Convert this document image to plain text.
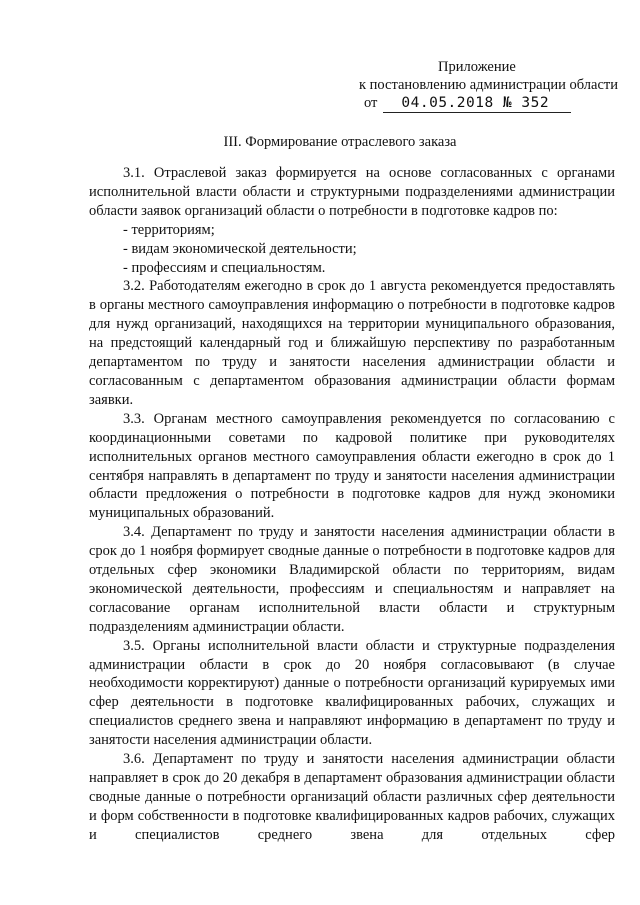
Приложение
к постановлению администрации области
от 04.05.2018 № 352
III. Формирование отраслевого заказа

3.1. Отраслевой заказ формируется на основе согласованных с органами исполнительной власти области и структурными подразделениями администрации области заявок организаций области о потребности в подготовке кадров по:

- территориям;

- видам экономической деятельности;

- профессиям и специальностям.

3.2. Работодателям ежегодно в срок до 1 августа рекомендуется предоставлять в органы местного самоуправления информацию о потребности в подготовке кадров для нужд организаций, находящихся на территории муниципального образования, на предстоящий календарный год и ближайшую перспективу по разработанным департаментом по труду и занятости населения администрации области и согласованным с департаментом образования администрации области формам заявки.

3.3. Органам местного самоуправления рекомендуется по согласованию с координационными советами по кадровой политике при руководителях исполнительных органов местного самоуправления области ежегодно в срок до 1 сентября направлять в департамент по труду и занятости населения администрации области предложения о потребности в подготовке кадров для нужд экономики муниципальных образований.

3.4. Департамент по труду и занятости населения администрации области в срок до 1 ноября формирует сводные данные о потребности в подготовке кадров для отдельных сфер экономики Владимирской области по территориям, видам экономической деятельности, профессиям и специальностям и направляет на согласование органам исполнительной власти области и структурным подразделениям администрации области.

3.5. Органы исполнительной власти области и структурные подразделения администрации области в срок до 20 ноября согласовывают (в случае необходимости корректируют) данные о потребности организаций курируемых ими сфер деятельности в подготовке квалифицированных рабочих, служащих и специалистов среднего звена и направляют информацию в департамент по труду и занятости населения администрации области.

3.6. Департамент по труду и занятости населения администрации области направляет в срок до 20 декабря в департамент образования администрации области сводные данные о потребности организаций области различных сфер деятельности и форм собственности в подготовке квалифицированных кадров рабочих, служащих и специалистов среднего звена для отдельных сфер
